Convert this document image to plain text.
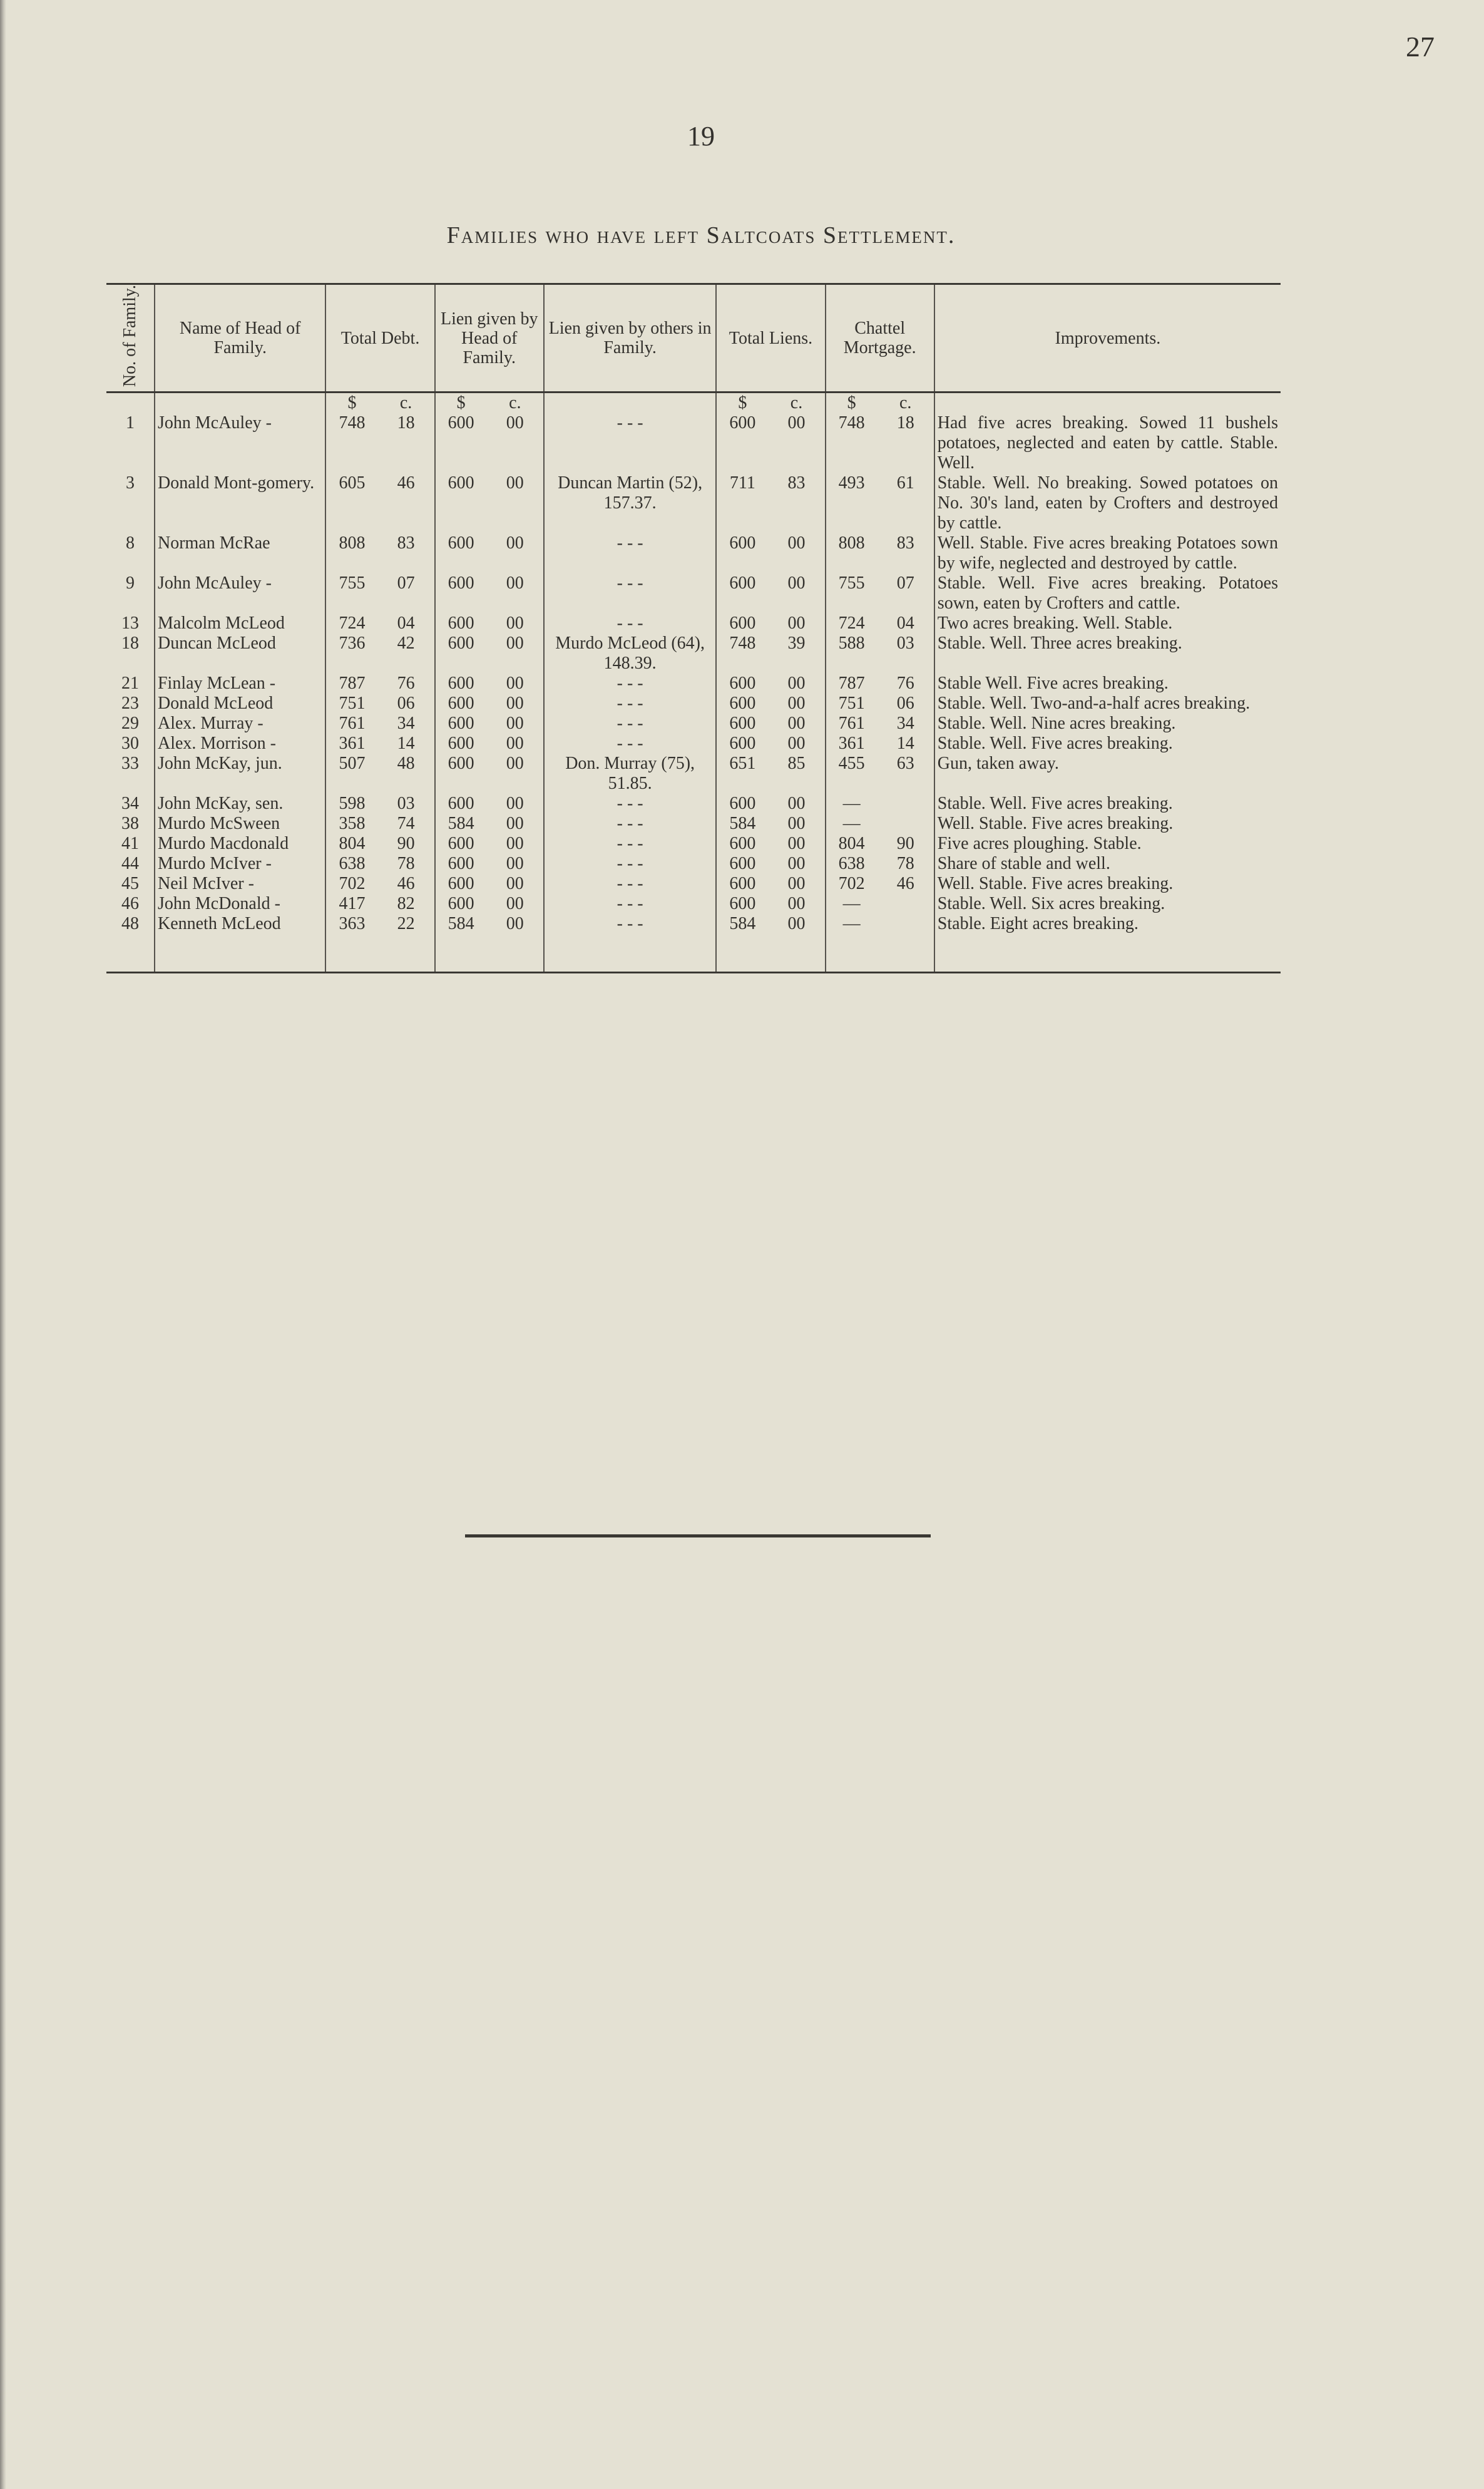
27
19
Families who have left Saltcoats Settlement.
No. of Family.	Name of Head of Family.	Total Debt.		Lien given by Head of Family.		Lien given by others in Family.	Total Liens.		Chattel Mortgage.		Improvements.
		$	c.	$	c.		$	c.	$	c.	
1	John McAuley -	748	18	600	00	- - -	600	00	748	18	Had five acres breaking. Sowed 11 bushels potatoes, neglected and eaten by cattle. Stable. Well.
3	Donald Mont-gomery.	605	46	600	00	Duncan Martin (52), 157.37.	711	83	493	61	Stable. Well. No breaking. Sowed potatoes on No. 30's land, eaten by Crofters and destroyed by cattle.
8	Norman McRae	808	83	600	00	- - -	600	00	808	83	Well. Stable. Five acres breaking Potatoes sown by wife, neglected and destroyed by cattle.
9	John McAuley -	755	07	600	00	- - -	600	00	755	07	Stable. Well. Five acres breaking. Potatoes sown, eaten by Crofters and cattle.
13	Malcolm McLeod	724	04	600	00	- - -	600	00	724	04	Two acres breaking. Well. Stable.
18	Duncan McLeod	736	42	600	00	Murdo McLeod (64), 148.39.	748	39	588	03	Stable. Well. Three acres breaking.
21	Finlay McLean -	787	76	600	00	- - -	600	00	787	76	Stable Well. Five acres breaking.
23	Donald McLeod	751	06	600	00	- - -	600	00	751	06	Stable. Well. Two-and-a-half acres breaking.
29	Alex. Murray -	761	34	600	00	- - -	600	00	761	34	Stable. Well. Nine acres breaking.
30	Alex. Morrison -	361	14	600	00	- - -	600	00	361	14	Stable. Well. Five acres breaking.
33	John McKay, jun.	507	48	600	00	Don. Murray (75), 51.85.	651	85	455	63	Gun, taken away.
34	John McKay, sen.	598	03	600	00	- - -	600	00	—		Stable. Well. Five acres breaking.
38	Murdo McSween	358	74	584	00	- - -	584	00	—		Well. Stable. Five acres breaking.
41	Murdo Macdonald	804	90	600	00	- - -	600	00	804	90	Five acres ploughing. Stable.
44	Murdo McIver -	638	78	600	00	- - -	600	00	638	78	Share of stable and well.
45	Neil McIver -	702	46	600	00	- - -	600	00	702	46	Well. Stable. Five acres breaking.
46	John McDonald -	417	82	600	00	- - -	600	00	—		Stable. Well. Six acres breaking.
48	Kenneth McLeod	363	22	584	00	- - -	584	00	—		Stable. Eight acres breaking.
